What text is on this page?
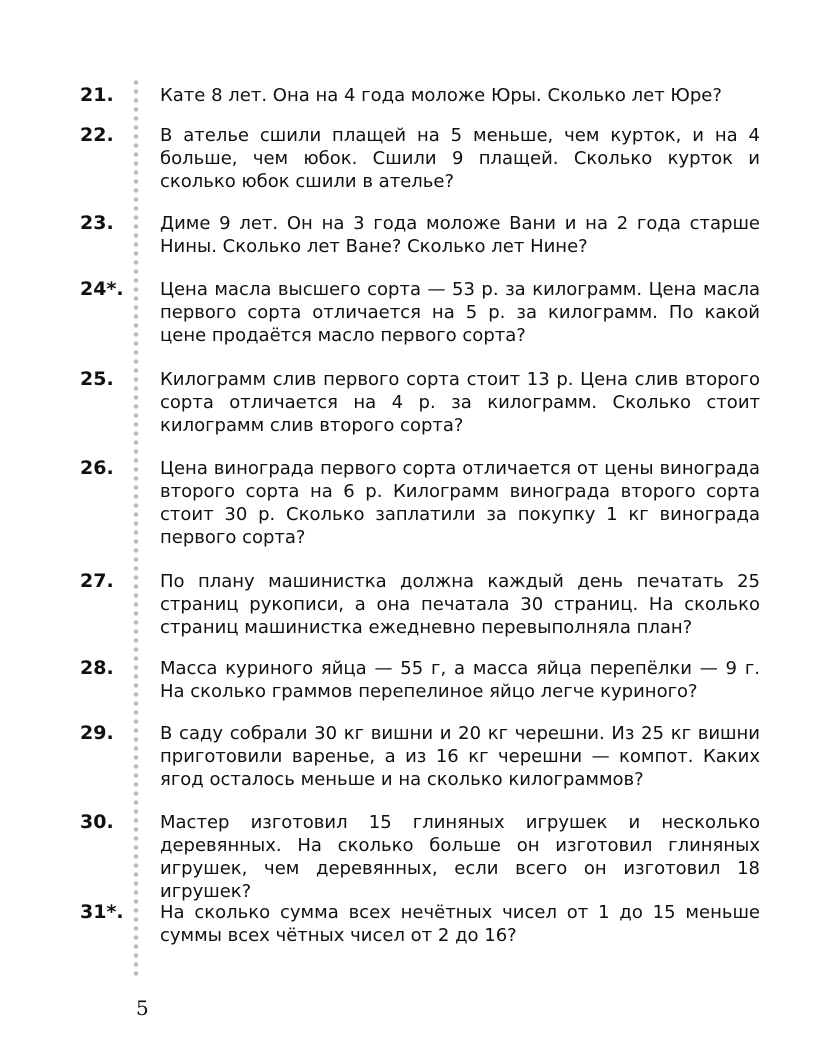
21.	Кате 8 лет. Она на 4 года моложе Юры. Сколько лет Юре?
22.	В ателье сшили плащей на 5 меньше, чем курток, и на 4 больше, чем юбок. Сшили 9 плащей. Сколько курток и сколько юбок сшили в ателье?
23.	Диме 9 лет. Он на 3 года моложе Вани и на 2 года старше Нины. Сколько лет Ване? Сколько лет Нине?
24*. Цена масла высшего сорта — 53 р. за килограмм. Цена масла первого сорта отличается на 5 р. за килограмм. По какой цене продаётся масло первого сорта?
25.	Килограмм слив первого сорта стоит 13 р. Цена слив второго сорта отличается на 4 р. за килограмм. Сколько стоит килограмм слив второго сорта?
26.	Цена винограда первого сорта отличается от цены винограда второго сорта на 6 р. Килограмм винограда второго сорта стоит 30 р. Сколько заплатили за покупку 1 кг винограда первого сорта?
27.	По плану машинистка должна каждый день печатать 25 страниц рукописи, а она печатала 30 страниц. На сколько страниц машинистка ежедневно перевыполняла план?
28.	Масса куриного яйца — 55 г, а масса яйца перепёлки — 9 г. На сколько граммов перепелиное яйцо легче куриного?
29.	В саду собрали 30 кг вишни и 20 кг черешни. Из 25 кг вишни приготовили варенье, а из 16 кг черешни — компот. Каких ягод осталось меньше и на сколько килограммов?
30.	Мастер изготовил 15 глиняных игрушек и несколько деревянных. На сколько больше он изготовил глиняных игрушек, чем деревянных, если всего он изготовил 18 игрушек?
31*. На сколько сумма всех нечётных чисел от 1 до 15 меньше суммы всех чётных чисел от 2 до 16?
5
